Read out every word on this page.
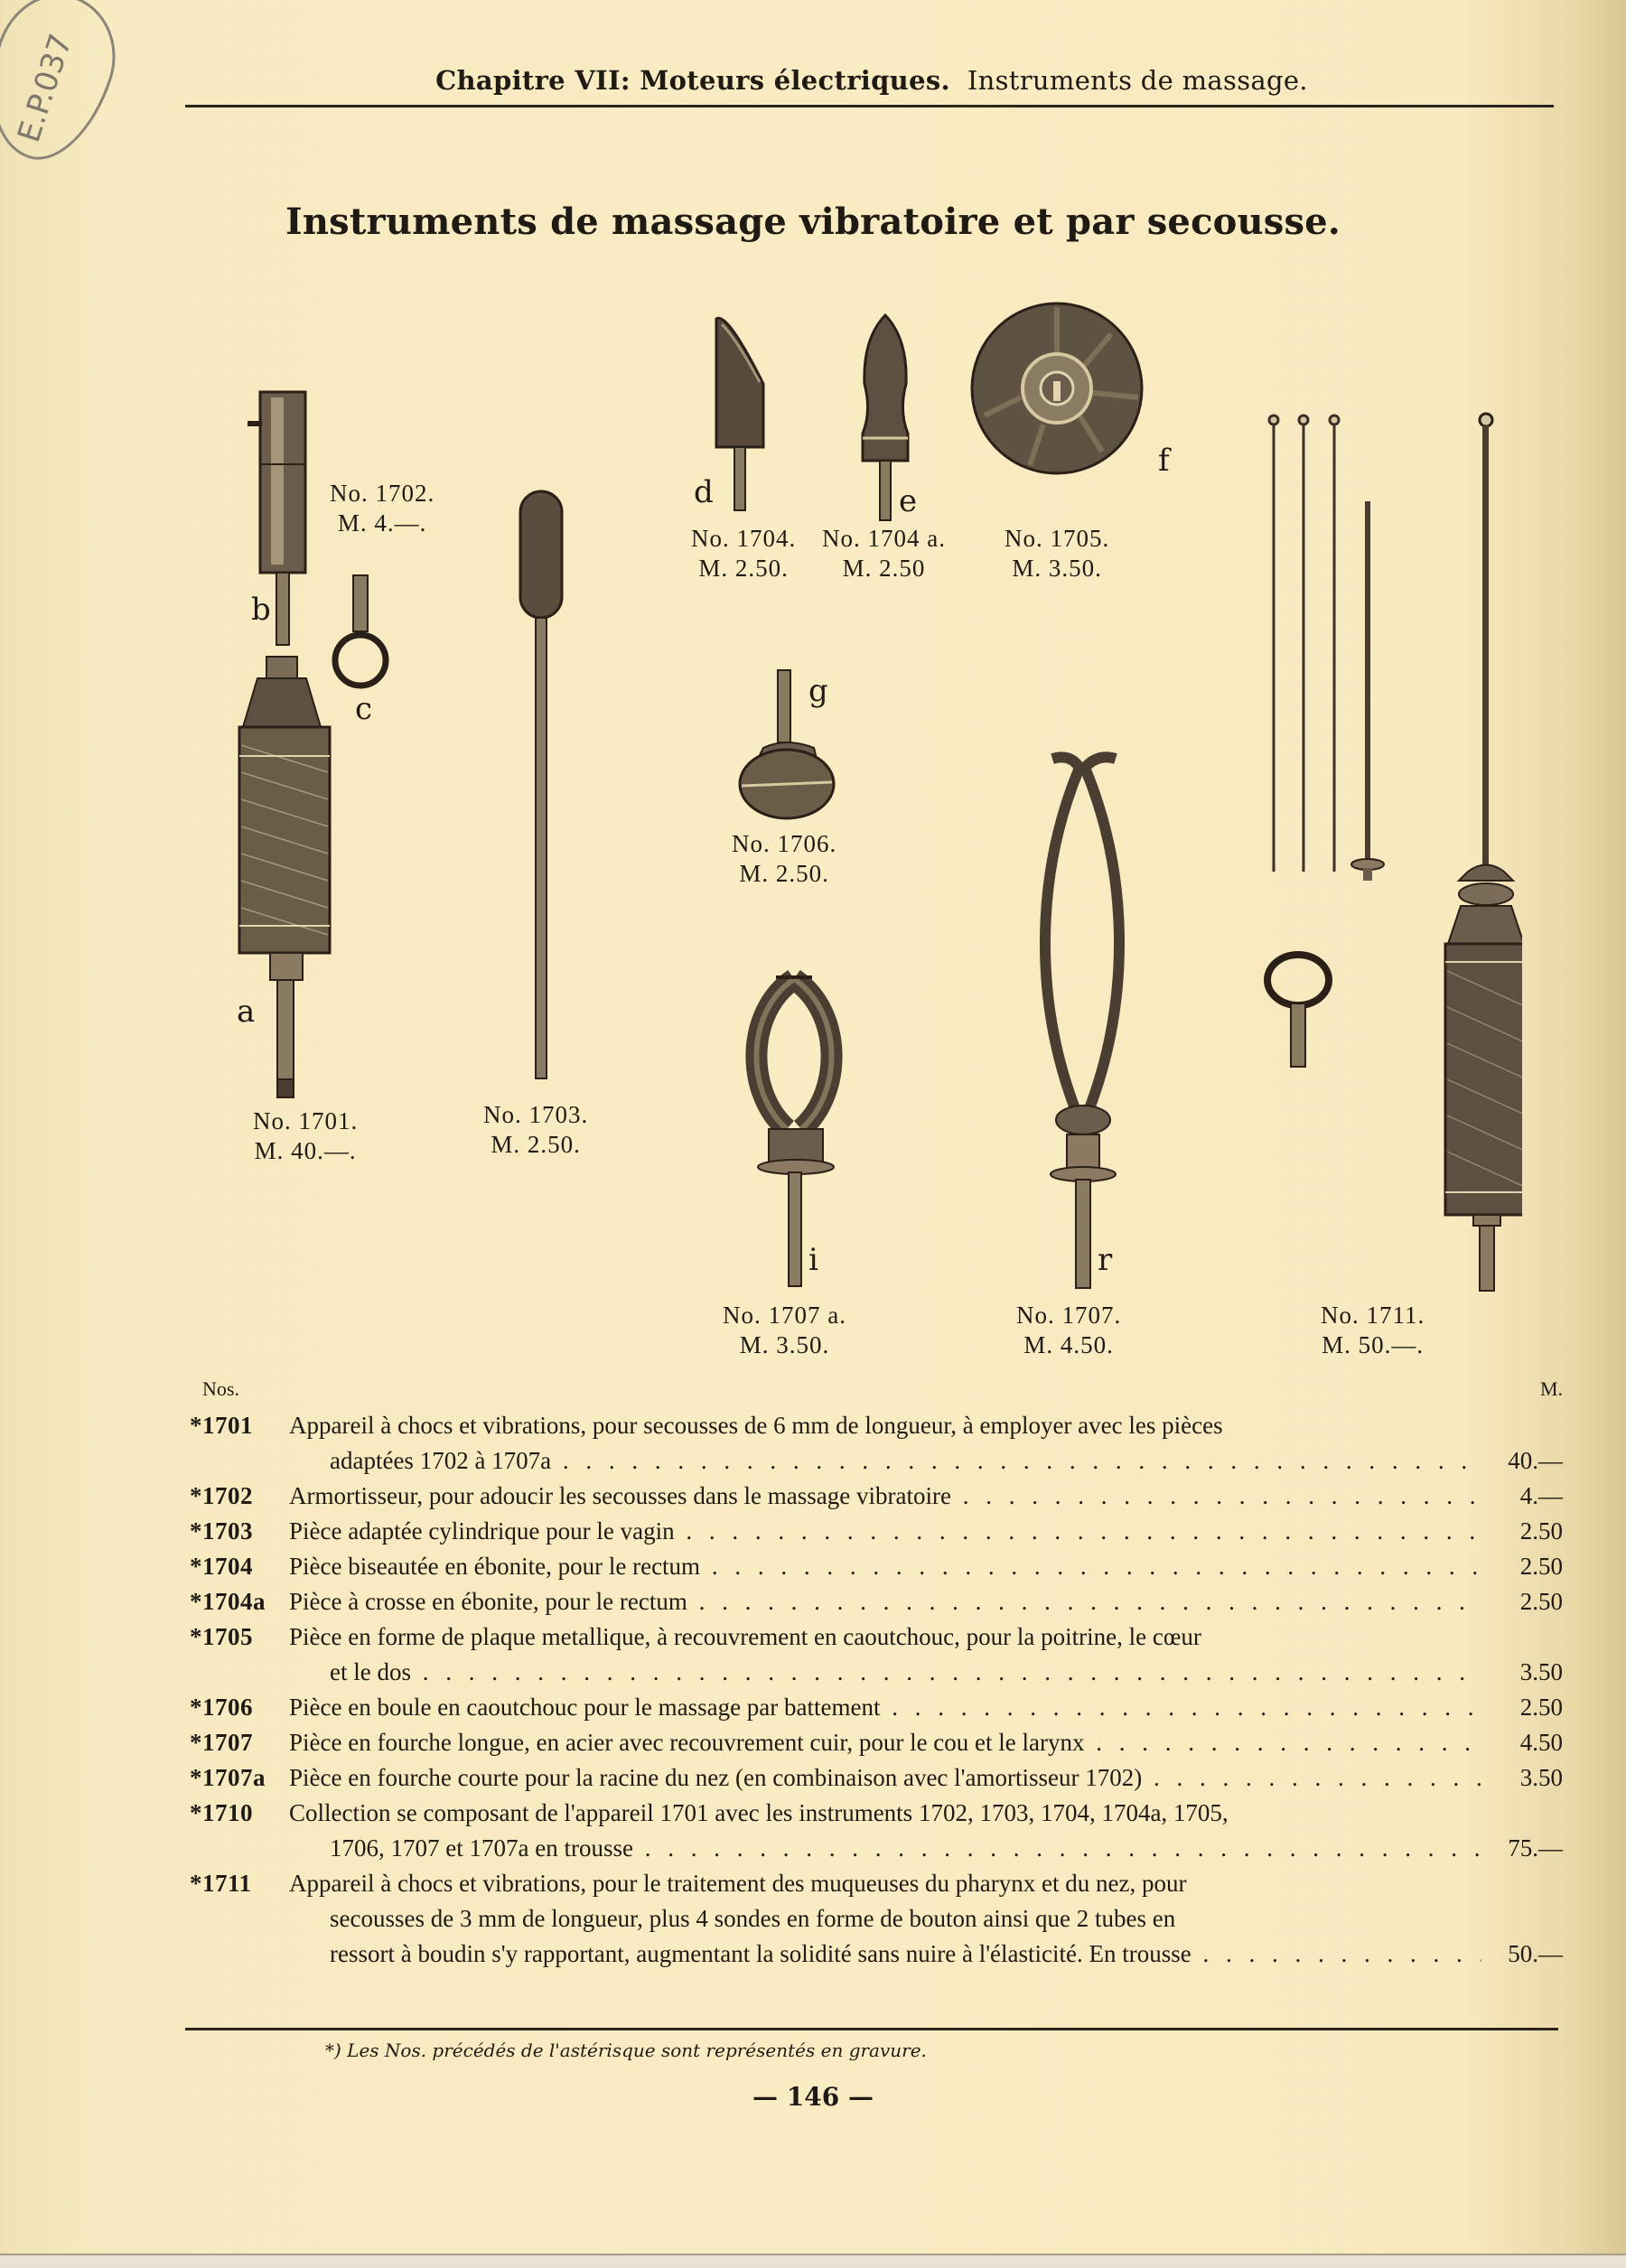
E.P.037	Chapitre VII: Moteurs électriques. Instruments de massage.
Instruments de massage vibratoire et par secousse.
b
No. 1702.
M. 4.—.
c
a
No. 1701.
M. 40.—.
No. 1703.
M. 2.50.
d	e
f
No. 1704.
M. 2.50.
No. 1704 a.
M. 2.50
No. 1705.
M. 3.50.
g
No. 1706.
M. 2.50.
i	r
No. 1707 a.
M. 3.50.
No. 1707.
M. 4.50.
No. 1711.
M. 50.—.
Nos.	M.
*1701	Appareil à chocs et vibrations, pour secousses de 6 mm de longueur, à employer avec les pièces
adaptées 1702 à 1707a . . .	40.—
*1702	Armortisseur, pour adoucir les secousses dans le massage vibratoire . . .	4.—
*1703	Pièce adaptée cylindrique pour le vagin . . .	2.50
*1704	Pièce biseautée en ébonite, pour le rectum . . .	2.50
*1704a Pièce à crosse en ébonite, pour le rectum . . .	2.50
*1705	Pièce en forme de plaque metallique, à recouvrement en caoutchouc, pour la poitrine, le cœur
et le dos . . .	3.50
*1706	Pièce en boule en caoutchouc pour le massage par battement . . .	2.50
*1707	Pièce en fourche longue, en acier avec recouvrement cuir, pour le cou et le larynx . . .	4.50
*1707a Pièce en fourche courte pour la racine du nez (en combinaison avec l'amortisseur 1702) . . .	3.50
*1710	Collection se composant de l'appareil 1701 avec les instruments 1702, 1703, 1704, 1704a, 1705,
1706, 1707 et 1707a en trousse . . .	75.—
*1711	Appareil à chocs et vibrations, pour le traitement des muqueuses du pharynx et du nez, pour
secousses de 3 mm de longueur, plus 4 sondes en forme de bouton ainsi que 2 tubes en
ressort à boudin s'y rapportant, augmentant la solidité sans nuire à l'élasticité. En trousse . . .	50.—
*) Les Nos. précédés de l'astérisque sont représentés en gravure.
— 146 —
